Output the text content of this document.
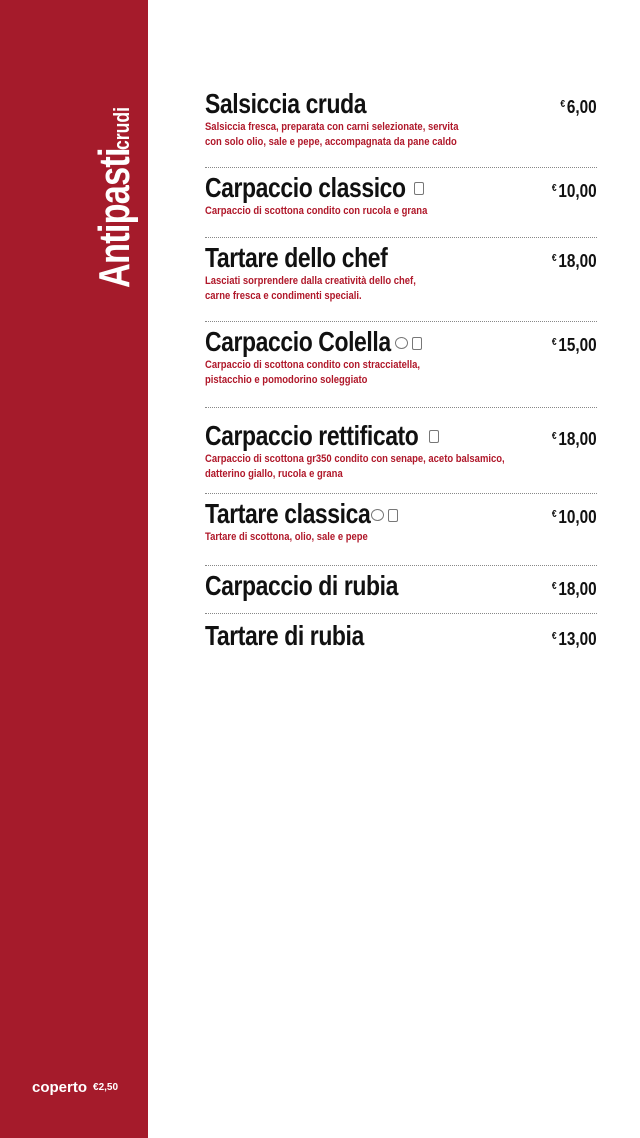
Antipasti crudi
coperto €2,50
Salsiccia cruda	€6,00
Salsiccia fresca, preparata con carni selezionate, servita
con solo olio, sale e pepe, accompagnata da pane caldo
Carpaccio classico	€10,00
Carpaccio di scottona condito con rucola e grana
Tartare dello chef	€18,00
Lasciati sorprendere dalla creatività dello chef,
carne fresca e condimenti speciali.
Carpaccio Colella	€15,00
Carpaccio di scottona condito con stracciatella,
pistacchio e pomodorino soleggiato
Carpaccio rettificato	€18,00
Carpaccio di scottona gr350 condito con senape, aceto balsamico,
datterino giallo, rucola e grana
Tartare classica	€10,00
Tartare di scottona, olio, sale e pepe
Carpaccio di rubia	€18,00
Tartare di rubia	€13,00
